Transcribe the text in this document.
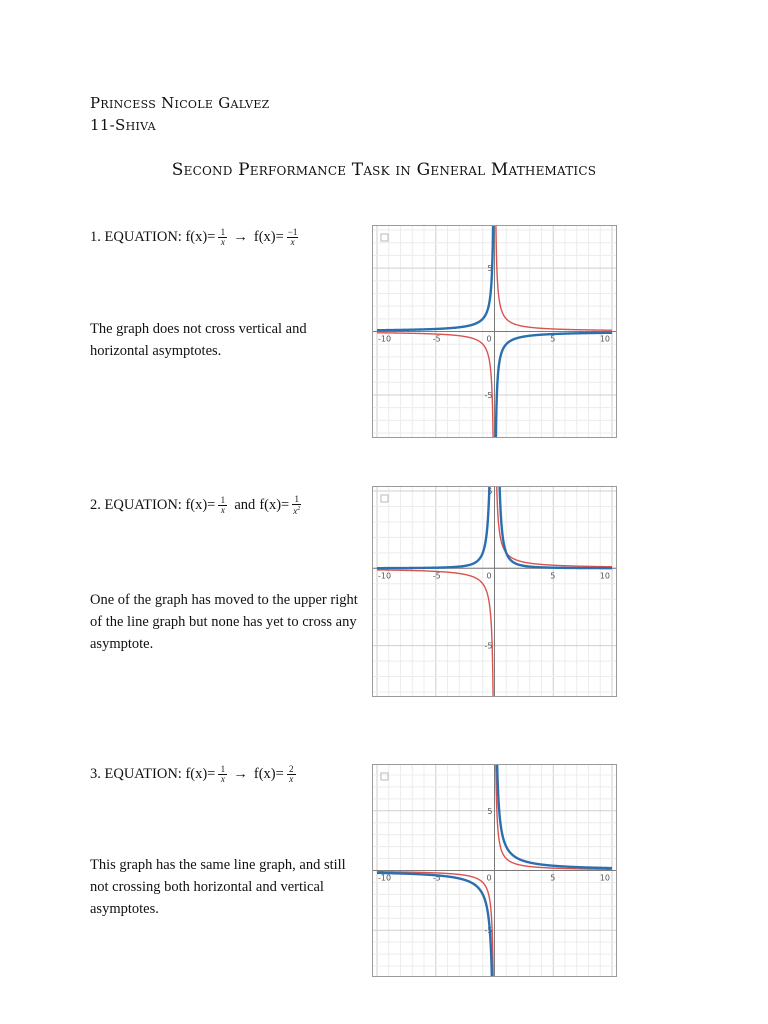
Princess Nicole Galvez
11-Shiva
Second Performance Task in General Mathematics
1. EQUATION: $f(x)= \frac{1}{x} \to f(x)= \frac{-1}{x}$
The graph does not cross vertical and horizontal asymptotes.
-10	-5	0	5	10
5
-5
2. EQUATION: $f(x)= \frac{1}{x}$ and $f(x)= \frac{1}{x^2}$
One of the graph has moved to the upper right of the line graph but none has yet to cross any asymptote.
-10	-5	0	5	10
5
-5
3. EQUATION: $f(x)= \frac{1}{x} \to f(x)= \frac{2}{x}$
This graph has the same line graph, and still not crossing both horizontal and vertical asymptotes.
-10	-5	0	5	10
5
-5
